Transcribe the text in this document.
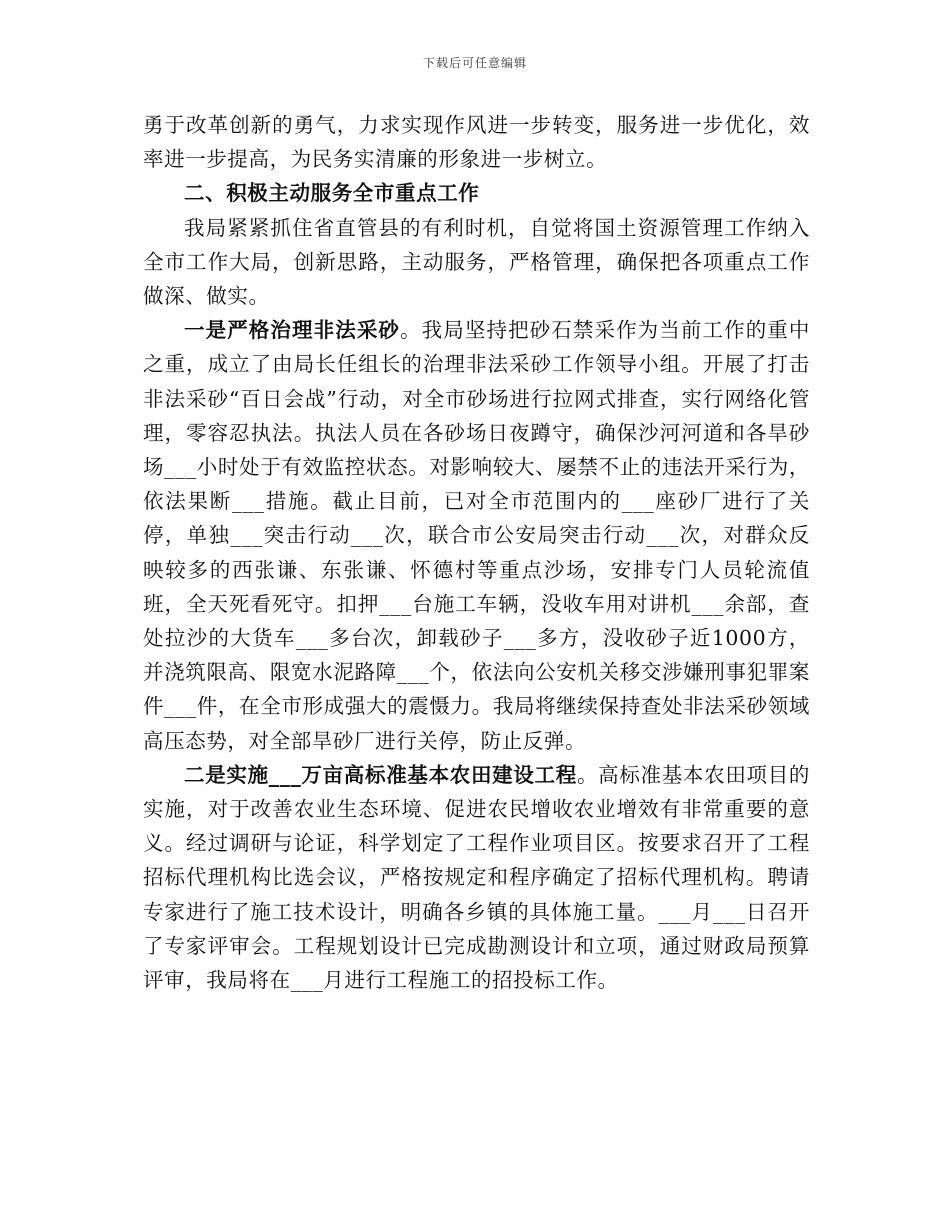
下载后可任意编辑

勇于改革创新的勇气，力求实现作风进一步转变，服务进一步优化，效率进一步提高，为民务实清廉的形象进一步树立。

二、积极主动服务全市重点工作

我局紧紧抓住省直管县的有利时机，自觉将国土资源管理工作纳入全市工作大局，创新思路，主动服务，严格管理，确保把各项重点工作做深、做实。

一是严格治理非法采砂。我局坚持把砂石禁采作为当前工作的重中之重，成立了由局长任组长的治理非法采砂工作领导小组。开展了打击非法采砂“百日会战”行动，对全市砂场进行拉网式排查，实行网络化管理，零容忍执法。执法人员在各砂场日夜蹲守，确保沙河河道和各旱砂场___小时处于有效监控状态。对影响较大、屡禁不止的违法开采行为，依法果断___措施。截止目前，已对全市范围内的___座砂厂进行了关停，单独___突击行动___次，联合市公安局突击行动___次，对群众反映较多的西张谦、东张谦、怀德村等重点沙场，安排专门人员轮流值班，全天死看死守。扣押___台施工车辆，没收车用对讲机___余部，查处拉沙的大货车___多台次，卸载砂子___多方，没收砂子近1000方，并浇筑限高、限宽水泥路障___个，依法向公安机关移交涉嫌刑事犯罪案件___件，在全市形成强大的震慑力。我局将继续保持查处非法采砂领域高压态势，对全部旱砂厂进行关停，防止反弹。

二是实施___万亩高标准基本农田建设工程。高标准基本农田项目的实施，对于改善农业生态环境、促进农民增收农业增效有非常重要的意义。经过调研与论证，科学划定了工程作业项目区。按要求召开了工程招标代理机构比选会议，严格按规定和程序确定了招标代理机构。聘请专家进行了施工技术设计，明确各乡镇的具体施工量。___月___日召开了专家评审会。工程规划设计已完成勘测设计和立项，通过财政局预算评审，我局将在___月进行工程施工的招投标工作。
